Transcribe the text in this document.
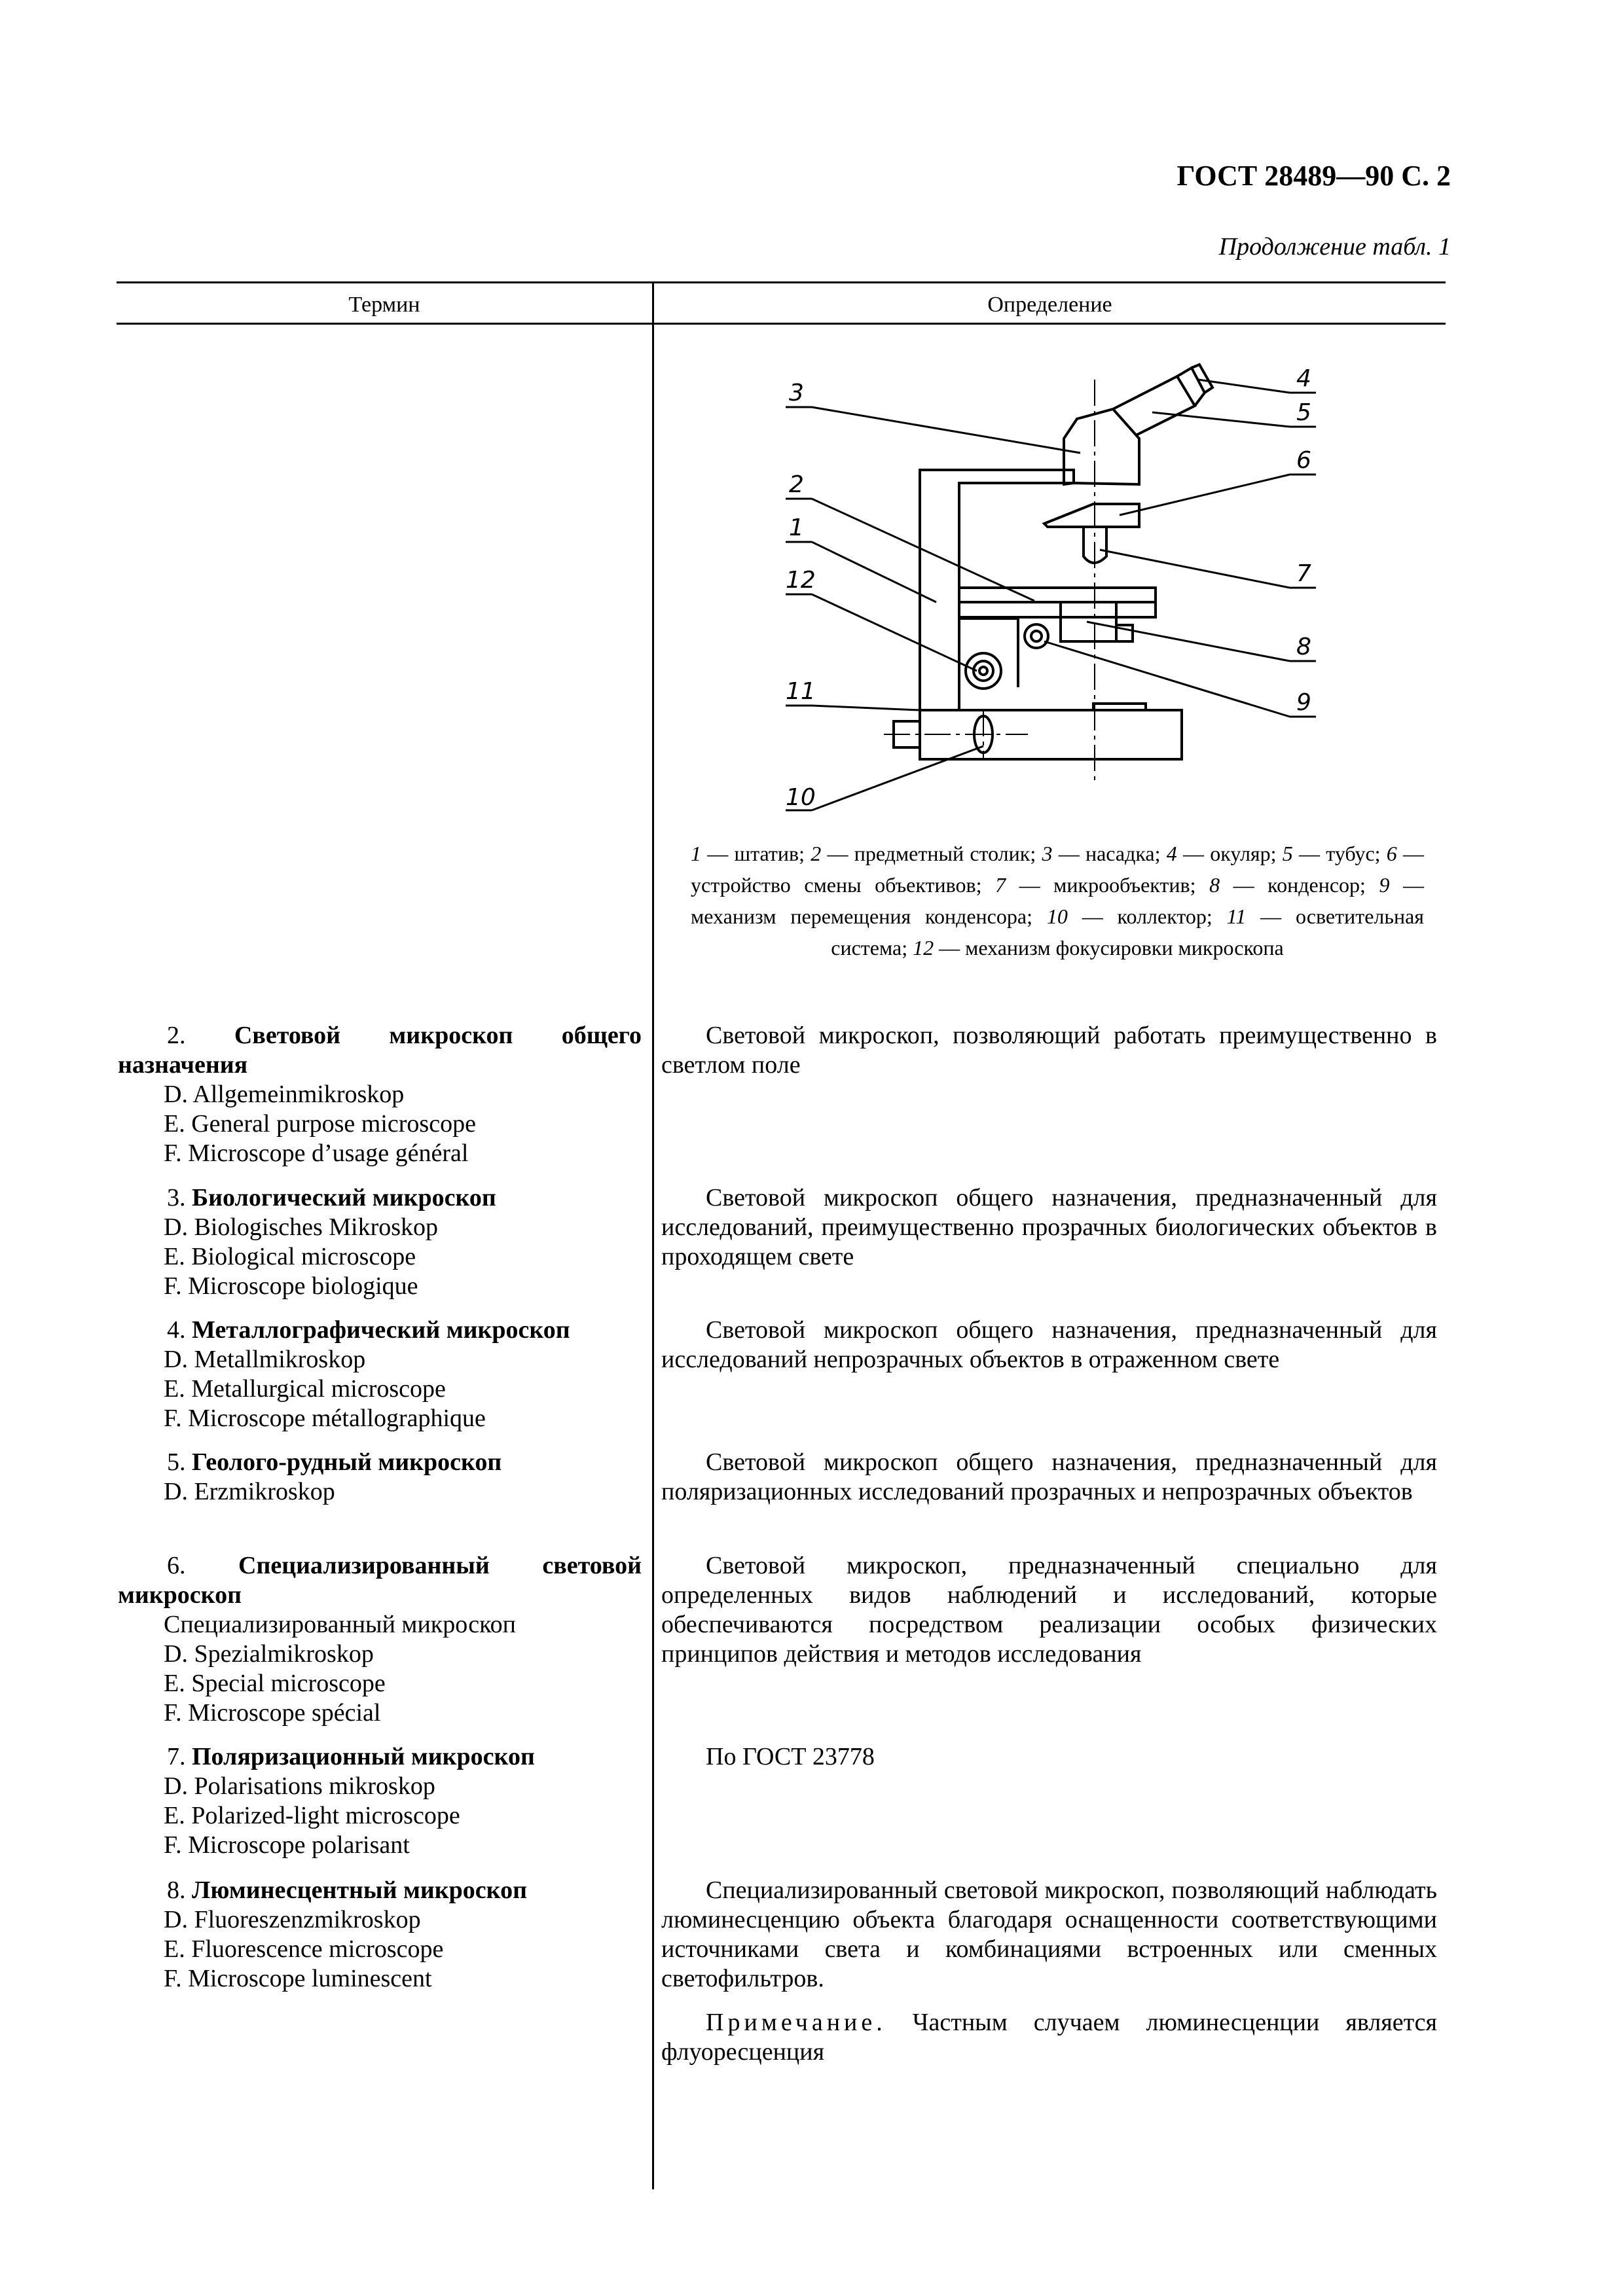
ГОСТ 28489—90 С. 2
Продолжение табл. 1
Термин	Определение
3
2
1
12
11
10
4
5
6
7
8
9
1 — штатив; 2 — предметный столик; 3 — насадка; 4 — окуляр; 5 — тубус; 6 — устройство смены объективов; 7 — микрообъектив; 8 — конденсор; 9 — механизм перемещения конденсора; 10 — коллектор; 11 — осветительная система; 12 — механизм фокусировки микроскопа
2. Световой микроскоп общего назначения
D. Allgemeinmikroskop
E. General purpose microscope
F. Microscope d’usage général
Световой микроскоп, позволяющий работать преимущественно в светлом поле
3. Биологический микроскоп
D. Biologisches Mikroskop
E. Biological microscope
F. Microscope biologique
Световой микроскоп общего назначения, предназначенный для исследований, преимущественно прозрачных биологических объектов в проходящем свете
4. Металлографический микроскоп
D. Metallmikroskop
E. Metallurgical microscope
F. Microscope métallographique
Световой микроскоп общего назначения, предназначенный для исследований непрозрачных объектов в отраженном свете
5. Геолого-рудный микроскоп
D. Erzmikroskop
Световой микроскоп общего назначения, предназначенный для поляризационных исследований прозрачных и непрозрачных объектов
6. Специализированный световой микроскоп
Специализированный микроскоп
D. Spezialmikroskop
E. Special microscope
F. Microscope spécial
Световой микроскоп, предназначенный специально для определенных видов наблюдений и исследований, которые обеспечиваются посредством реализации особых физических принципов действия и методов исследования
7. Поляризационный микроскоп
D. Polarisations mikroskop
E. Polarized-light microscope
F. Microscope polarisant
По ГОСТ 23778
8. Люминесцентный микроскоп
D. Fluoreszenzmikroskop
E. Fluorescence microscope
F. Microscope luminescent
Специализированный световой микроскоп, позволяющий наблюдать люминесценцию объекта благодаря оснащенности соответствующими источниками света и комбинациями встроенных или сменных светофильтров.
Примечание. Частным случаем люминесценции является флуоресценция
